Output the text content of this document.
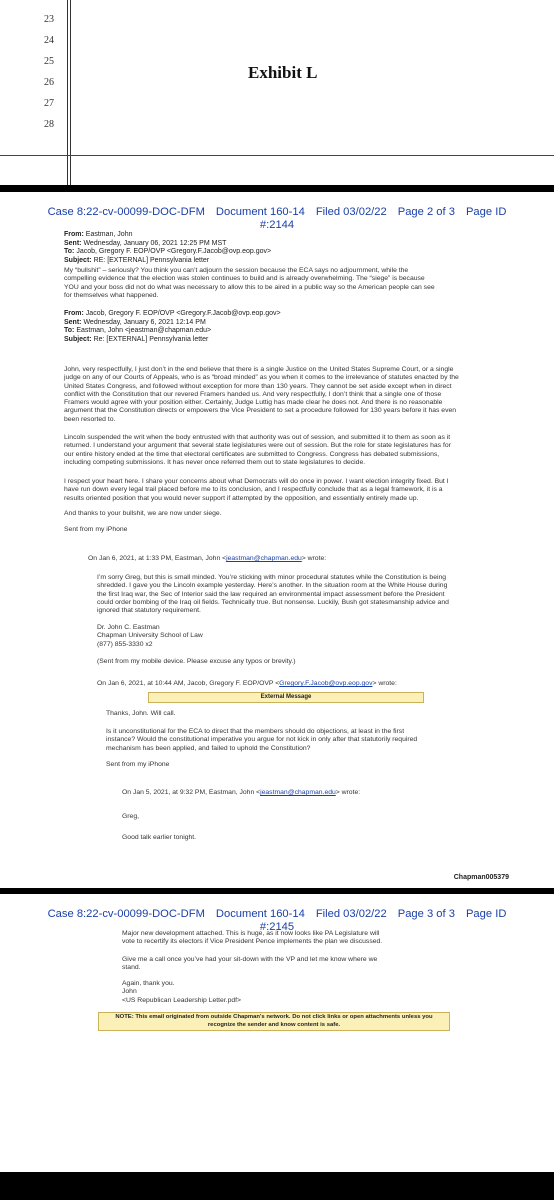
23
24
25
26
27
28
Exhibit L
Case 8:22-cv-00099-DOC-DFM Document 160-14 Filed 03/02/22 Page 2 of 3 Page ID
#:2144
From: Eastman, John
Sent: Wednesday, January 06, 2021 12:25 PM MST
To: Jacob, Gregory F. EOP/OVP <Gregory.F.Jacob@ovp.eop.gov>
Subject: RE: [EXTERNAL] Pennsylvania letter
My “bullshit” – seriously? You think you can’t adjourn the session because the ECA says no adjournment, while the
compelling evidence that the election was stolen continues to build and is already overwhelming. The “siege” is because
YOU and your boss did not do what was necessary to allow this to be aired in a public way so the American people can see
for themselves what happened.
From: Jacob, Gregory F. EOP/OVP <Gregory.F.Jacob@ovp.eop.gov>
Sent: Wednesday, January 6, 2021 12:14 PM
To: Eastman, John <jeastman@chapman.edu>
Subject: Re: [EXTERNAL] Pennsylvania letter
John, very respectfully, I just don’t in the end believe that there is a single Justice on the United States Supreme Court, or a single
judge on any of our Courts of Appeals, who is as “broad minded” as you when it comes to the irrelevance of statutes enacted by the
United States Congress, and followed without exception for more than 130 years. They cannot be set aside except when in direct
conflict with the Constitution that our revered Framers handed us. And very respectfully, I don’t think that a single one of those
Framers would agree with your position either. Certainly, Judge Luttig has made clear he does not. And there is no reasonable
argument that the Constitution directs or empowers the Vice President to set a procedure followed for 130 years before it has even
been resorted to.
Lincoln suspended the writ when the body entrusted with that authority was out of session, and submitted it to them as soon as it
returned. I understand your argument that several state legislatures were out of session. But the role for state legislatures has for
our entire history ended at the time that electoral certificates are submitted to Congress. Congress has debated submissions,
including competing submissions. It has never once referred them out to state legislatures to decide.
I respect your heart here. I share your concerns about what Democrats will do once in power. I want election integrity fixed. But I
have run down every legal trail placed before me to its conclusion, and I respectfully conclude that as a legal framework, it is a
results oriented position that you would never support if attempted by the opposition, and essentially entirely made up.
And thanks to your bullshit, we are now under siege.
Sent from my iPhone
On Jan 6, 2021, at 1:33 PM, Eastman, John <jeastman@chapman.edu> wrote:
I’m sorry Greg, but this is small minded. You’re sticking with minor procedural statutes while the Constitution is being
shredded. I gave you the Lincoln example yesterday. Here’s another. In the situation room at the White House during
the first Iraq war, the Sec of Interior said the law required an environmental impact assessment before the President
could order bombing of the Iraq oil fields. Technically true. But nonsense. Luckily, Bush got statesmanship advice and
ignored that statutory requirement.
Dr. John C. Eastman
Chapman University School of Law
(877) 855-3330 x2
(Sent from my mobile device. Please excuse any typos or brevity.)
On Jan 6, 2021, at 10:44 AM, Jacob, Gregory F. EOP/OVP <Gregory.F.Jacob@ovp.eop.gov> wrote:
External Message
Thanks, John. Will call.
Is it unconstitutional for the ECA to direct that the members should do objections, at least in the first
instance? Would the constitutional imperative you argue for not kick in only after that statutorily required
mechanism has been applied, and failed to uphold the Constitution?
Sent from my iPhone
On Jan 5, 2021, at 9:32 PM, Eastman, John <jeastman@chapman.edu> wrote:
Greg,
Good talk earlier tonight.
Chapman005379
Case 8:22-cv-00099-DOC-DFM Document 160-14 Filed 03/02/22 Page 3 of 3 Page ID
#:2145
Major new development attached. This is huge, as it now looks like PA Legislature will
vote to recertify its electors if Vice President Pence implements the plan we discussed.
Give me a call once you’ve had your sit-down with the VP and let me know where we
stand.
Again, thank you.
John
<US Republican Leadership Letter.pdf>
NOTE: This email originated from outside Chapman's network. Do not click links or open attachments unless you
recognize the sender and know content is safe.
